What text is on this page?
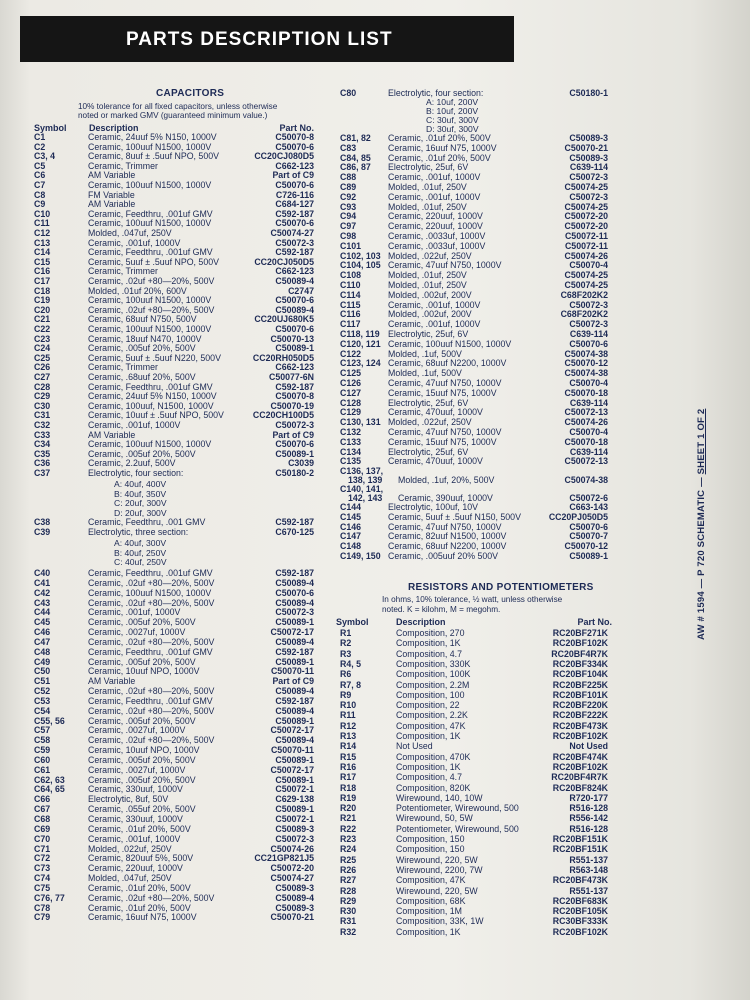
PARTS DESCRIPTION LIST
CAPACITORS
10% tolerance for all fixed capacitors, unless otherwise
noted or marked GMV (guaranteed minimum value.)
Symbol Description	Part No.
C1	Ceramic, 24uuf 5% N150, 1000V	C50070-8
C2	Ceramic, 100uuf N1500, 1000V	C50070-6
C3, 4	Ceramic, 8uuf ± .5uuf NPO, 500V	CC20CJ080D5
C5	Ceramic, Trimmer	C662-123
C6	AM Variable	Part of C9
C7	Ceramic, 100uuf N1500, 1000V	C50070-6
C8	FM Variable	C726-116
C9	AM Variable	C684-127
C10	Ceramic, Feedthru, .001uf GMV	C592-187
C11	Ceramic, 100uuf N1500, 1000V	C50070-6
C12	Molded, .047uf, 250V	C50074-27
C13	Ceramic, .001uf, 1000V	C50072-3
C14	Ceramic, Feedthru, .001uf GMV	C592-187
C15	Ceramic, 5uuf ± .5uuf NPO, 500V	CC20CJ050D5
C16	Ceramic, Trimmer	C662-123
C17	Ceramic, .02uf +80—20%, 500V	C50089-4
C18	Molded, .01uf 20%, 600V	C2747
C19	Ceramic, 100uuf N1500, 1000V	C50070-6
C20	Ceramic, .02uf +80—20%, 500V	C50089-4
C21	Ceramic, 68uuf N750, 500V	CC20UJ680K5
C22	Ceramic, 100uuf N1500, 1000V	C50070-6
C23	Ceramic, 18uuf N470, 1000V	C50070-13
C24	Ceramic, .005uf 20%, 500V	C50089-1
C25	Ceramic, 5uuf ± .5uuf N220, 500V	CC20RH050D5
C26	Ceramic, Trimmer	C662-123
C27	Ceramic, .68uuf 20%, 500V	C50077-6N
C28	Ceramic, Feedthru, .001uf GMV	C592-187
C29	Ceramic, 24uuf 5% N150, 1000V	C50070-8
C30	Ceramic, 100uuf, N1500, 1000V	C50070-19
C31	Ceramic, 10uuf ± .5uuf NPO, 500V	CC20CH100D5
C32	Ceramic, .001uf, 1000V	C50072-3
C33	AM Variable	Part of C9
C34	Ceramic, 100uuf N1500, 1000V	C50070-6
C35	Ceramic, .005uf 20%, 500V	C50089-1
C36	Ceramic, 2.2uuf, 500V	C3039
C37	Electrolytic, four section:	C50180-2
A: 40uf, 400V
B: 40uf, 350V
C: 20uf, 300V
D: 20uf, 300V
C38	Ceramic, Feedthru, .001 GMV	C592-187
C39	Electrolytic, three section:	C670-125
A: 40uf, 300V
B: 40uf, 250V
C: 40uf, 250V
C40	Ceramic, Feedthru, .001uf GMV	C592-187
C41	Ceramic, .02uf +80—20%, 500V	C50089-4
C42	Ceramic, 100uuf N1500, 1000V	C50070-6
C43	Ceramic, .02uf +80—20%, 500V	C50089-4
C44	Ceramic, .001uf, 1000V	C50072-3
C45	Ceramic, .005uf 20%, 500V	C50089-1
C46	Ceramic, .0027uf, 1000V	C50072-17
C47	Ceramic, .02uf +80—20%, 500V	C50089-4
C48	Ceramic, Feedthru, .001uf GMV	C592-187
C49	Ceramic, .005uf 20%, 500V	C50089-1
C50	Ceramic, 10uuf NPO, 1000V	C50070-11
C51	AM Variable	Part of C9
C52	Ceramic, .02uf +80—20%, 500V	C50089-4
C53	Ceramic, Feedthru, .001uf GMV	C592-187
C54	Ceramic, .02uf +80—20%, 500V	C50089-4
C55, 56	Ceramic, .005uf 20%, 500V	C50089-1
C57	Ceramic, .0027uf, 1000V	C50072-17
C58	Ceramic, .02uf +80—20%, 500V	C50089-4
C59	Ceramic, 10uuf NPO, 1000V	C50070-11
C60	Ceramic, .005uf 20%, 500V	C50089-1
C61	Ceramic, .0027uf, 1000V	C50072-17
C62, 63	Ceramic, .005uf 20%, 500V	C50089-1
C64, 65	Ceramic, 330uuf, 1000V	C50072-1
C66	Electrolytic, 8uf, 50V	C629-138
C67	Ceramic, .055uf 20%, 500V	C50089-1
C68	Ceramic, 330uuf, 1000V	C50072-1
C69	Ceramic, .01uf 20%, 500V	C50089-3
C70	Ceramic, .001uf, 1000V	C50072-3
C71	Molded, .022uf, 250V	C50074-26
C72	Ceramic, 820uuf 5%, 500V	CC21GP821J5
C73	Ceramic, 220uuf, 1000V	C50072-20
C74	Molded, .047uf, 250V	C50074-27
C75	Ceramic, .01uf 20%, 500V	C50089-3
C76, 77	Ceramic, .02uf +80—20%, 500V	C50089-4
C78	Ceramic, .01uf 20%, 500V	C50089-3
C79	Ceramic, 16uuf N75, 1000V	C50070-21
C80	Electrolytic, four section:	C50180-1
A: 10uf, 200V
B: 10uf, 200V
C: 30uf, 300V
D: 30uf, 300V
C81, 82 Ceramic, .01uf 20%, 500V	C50089-3
C83	Ceramic, 16uuf N75, 1000V	C50070-21
C84, 85 Ceramic, .01uf 20%, 500V	C50089-3
C86, 87 Electrolytic, 25uf, 6V	C639-114
C88	Ceramic, .001uf, 1000V	C50072-3
C89	Molded, .01uf, 250V	C50074-25
C92	Ceramic, .001uf, 1000V	C50072-3
C93	Molded, .01uf, 250V	C50074-25
C94	Ceramic, 220uuf, 1000V	C50072-20
C97	Ceramic, 220uuf, 1000V	C50072-20
C98	Ceramic, .0033uf, 1000V	C50072-11
C101	Ceramic, .0033uf, 1000V	C50072-11
C102, 103 Molded, .022uf, 250V	C50074-26
C104, 105 Ceramic, 47uuf N750, 1000V	C50070-4
C108	Molded, .01uf, 250V	C50074-25
C110	Molded, .01uf, 250V	C50074-25
C114	Molded, .002uf, 200V	C68F202K2
C115	Ceramic, .001uf, 1000V	C50072-3
C116	Molded, .002uf, 200V	C68F202K2
C117	Ceramic, .001uf, 1000V	C50072-3
C118, 119 Electrolytic, 25uf, 6V	C639-114
C120, 121 Ceramic, 100uuf N1500, 1000V	C50070-6
C122	Molded, .1uf, 500V	C50074-38
C123, 124 Ceramic, 68uuf N2200, 1000V	C50070-12
C125	Molded, .1uf, 500V	C50074-38
C126	Ceramic, 47uuf N750, 1000V	C50070-4
C127	Ceramic, 15uuf N75, 1000V	C50070-18
C128	Electrolytic, 25uf, 6V	C639-114
C129	Ceramic, 470uuf, 1000V	C50072-13
C130, 131 Molded, .022uf, 250V	C50074-26
C132	Ceramic, 47uuf N750, 1000V	C50070-4
C133	Ceramic, 15uuf N75, 1000V	C50070-18
C134	Electrolytic, 25uf, 6V	C639-114
C135	Ceramic, 470uuf, 1000V	C50072-13
C136, 137,
138, 139 Molded, .1uf, 20%, 500V	C50074-38
C140, 141,
142, 143 Ceramic, 390uuf, 1000V	C50072-6
C144	Electrolytic, 100uf, 10V	C663-143
C145	Ceramic, 5uuf ± .5uuf N150, 500V	CC20PJ050D5
C146	Ceramic, 47uuf N750, 1000V	C50070-6
C147	Ceramic, 82uuf N1500, 1000V	C50070-7
C148	Ceramic, 68uuf N2200, 1000V	C50070-12
C149, 150 Ceramic, .005uuf 20% 500V	C50089-1
RESISTORS AND POTENTIOMETERS
In ohms, 10% tolerance, ½ watt, unless otherwise
noted. K = kilohm, M = megohm.
Symbol	Description	Part No.
R1	Composition, 270	RC20BF271K
R2	Composition, 1K	RC20BF102K
R3	Composition, 4.7	RC20BF4R7K
R4, 5	Composition, 330K	RC20BF334K
R6	Composition, 100K	RC20BF104K
R7, 8	Composition, 2.2M	RC20BF225K
R9	Composition, 100	RC20BF101K
R10	Composition, 22	RC20BF220K
R11	Composition, 2.2K	RC20BF222K
R12	Composition, 47K	RC20BF473K
R13	Composition, 1K	RC20BF102K
R14	Not Used	Not Used
R15	Composition, 470K	RC20BF474K
R16	Composition, 1K	RC20BF102K
R17	Composition, 4.7	RC20BF4R7K
R18	Composition, 820K	RC20BF824K
R19	Wirewound, 140, 10W	R720-177
R20	Potentiometer, Wirewound, 500	R516-128
R21	Wirewound, 50, 5W	R556-142
R22	Potentiometer, Wirewound, 500	R516-128
R23	Composition, 150	RC20BF151K
R24	Composition, 150	RC20BF151K
R25	Wirewound, 220, 5W	R551-137
R26	Wirewound, 2200, 7W	R563-148
R27	Composition, 47K	RC20BF473K
R28	Wirewound, 220, 5W	R551-137
R29	Composition, 68K	RC20BF683K
R30	Composition, 1M	RC20BF105K
R31	Composition, 33K, 1W	RC30BF333K
R32	Composition, 1K	RC20BF102K
AW # 1594 — P 720 SCHEMATIC — SHEET 1 OF 2
